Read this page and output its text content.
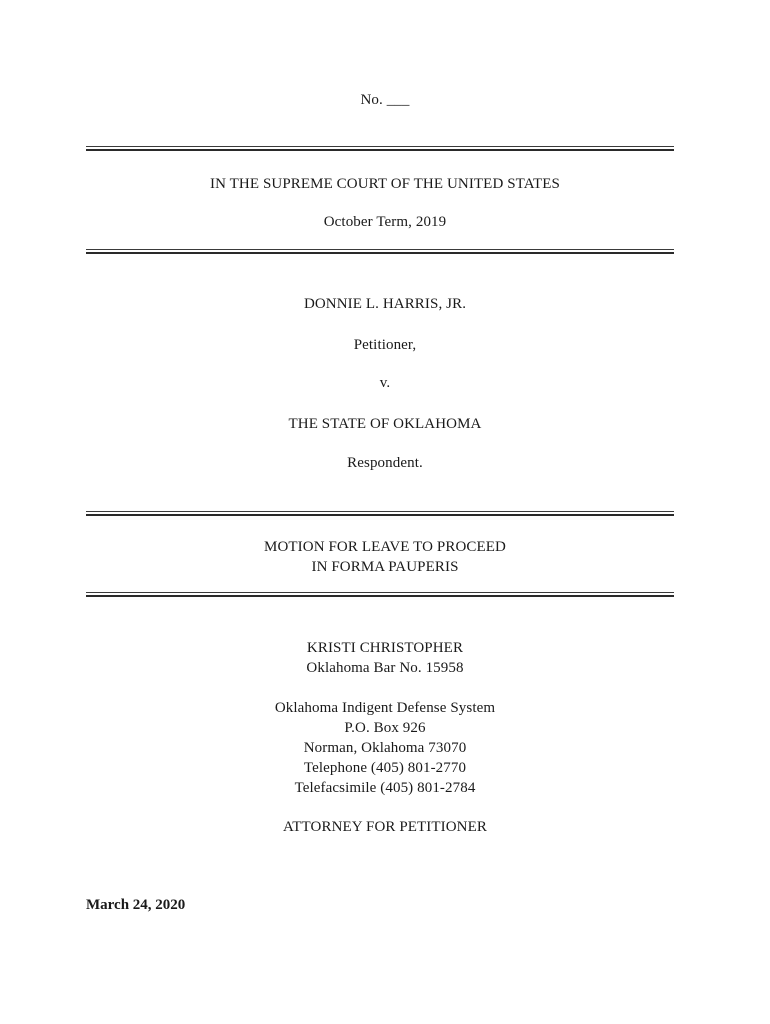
No. ___
IN THE SUPREME COURT OF THE UNITED STATES
October Term, 2019
DONNIE L. HARRIS, JR.
Petitioner,
v.
THE STATE OF OKLAHOMA
Respondent.
MOTION FOR LEAVE TO PROCEED
IN FORMA PAUPERIS
KRISTI CHRISTOPHER
Oklahoma Bar No. 15958
Oklahoma Indigent Defense System
P.O. Box 926
Norman, Oklahoma 73070
Telephone (405) 801-2770
Telefacsimile (405) 801-2784
ATTORNEY FOR PETITIONER
March 24, 2020
